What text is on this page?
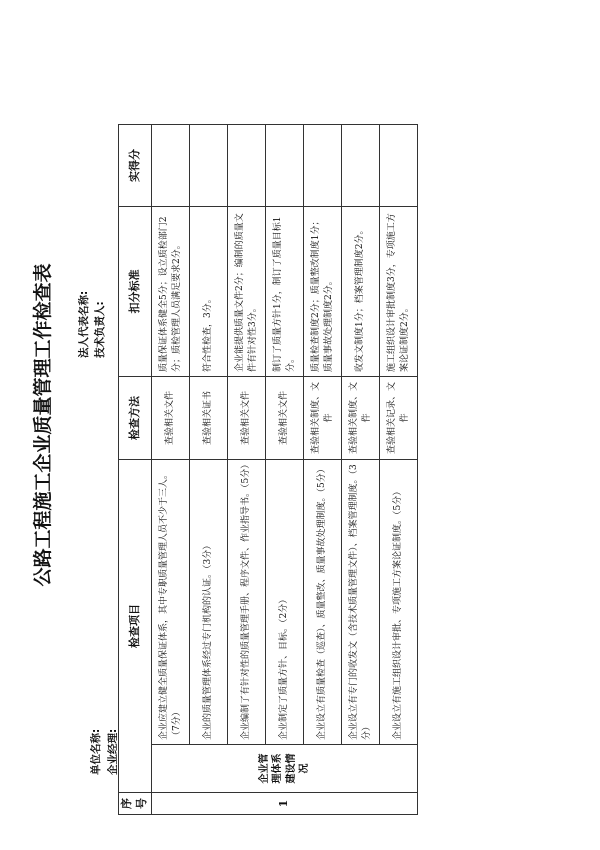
公路工程施工企业质量管理工作检查表 法人代表名称: 技术负责人:
单位名称: 企业经理:
序号	检查项目		检查方法	扣分标准	实得分
1	企业管理体系建设情况	企业应建立健全质量保证体系，其中专职质量管理人员不少于三人。（7分）	查验相关文件	质量保证体系健全5分；设立质检部门2分；质检管理人员满足要求2分。	
		企业的质量管理体系经过专门机构的认证。（3分）	查验相关证书	符合性检查，3分。	
		企业编制了有针对性的质量管理手册、程序文件、作业指导书。（5分）	查验相关文件	企业能提供质量文件2分；编制的质量文件有针对性3分。	
		企业制定了质量方针、目标。（2分）	查验相关文件	制订了质量方针1分，制订了质量目标1分。	
		企业设立有质量检查（巡查）、质量整改、质量事故处理制度。（5分）	查验相关制度、文件	质量检查制度2分；质量整改制度1分；质量事故处理制度2分。	
		企业设立有专门的收发文（含技术质量管理文件）、档案管理制度。（3分）	查验相关制度、文件	收发文制度1分；档案管理制度2分。	
		企业设立有施工组织设计审批、专项施工方案论证制度。（5分）	查验相关记录、文件	施工组织设计审批制度3分，专项施工方案论证制度2分。	
